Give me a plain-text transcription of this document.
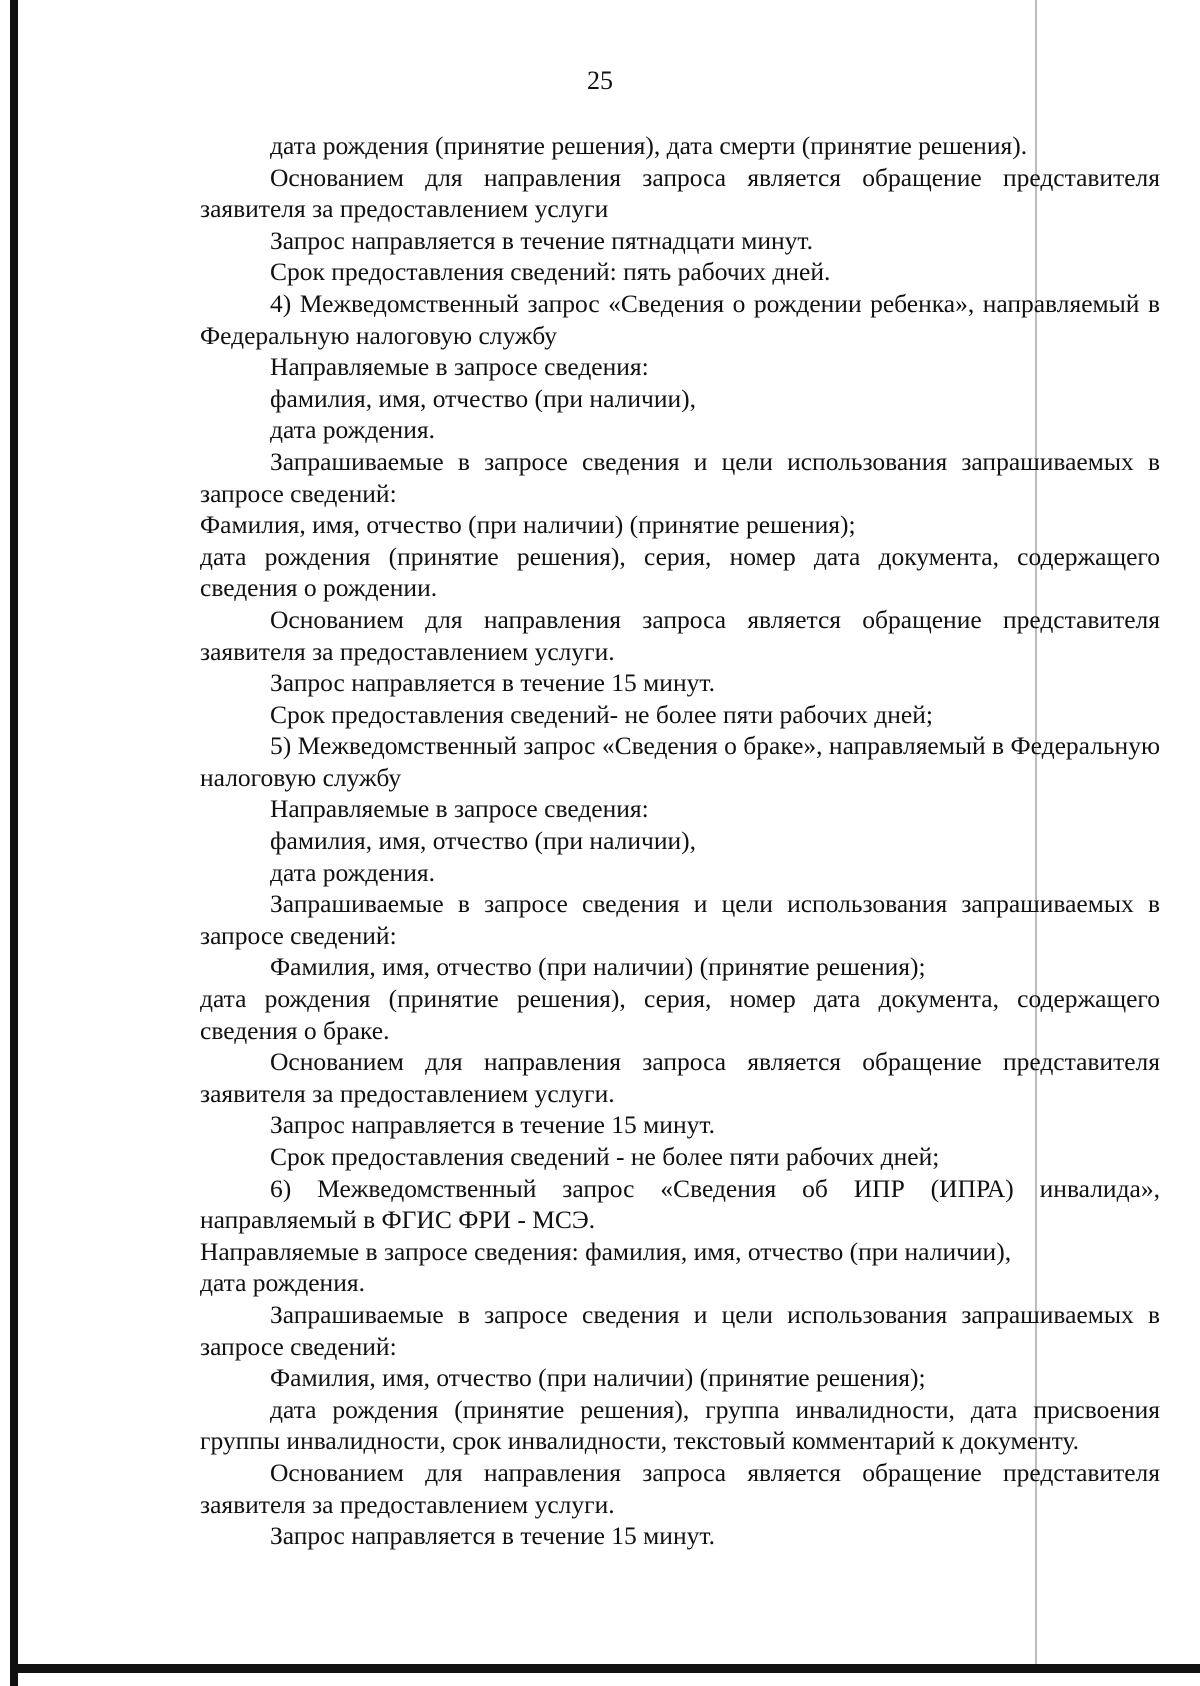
25

дата рождения (принятие решения), дата смерти (принятие решения).

Основанием для направления запроса является обращение представителя заявителя за предоставлением услуги

Запрос направляется в течение пятнадцати минут.

Срок предоставления сведений: пять рабочих дней.

4) Межведомственный запрос «Сведения о рождении ребенка», направляемый в Федеральную налоговую службу

Направляемые в запросе сведения:

фамилия, имя, отчество (при наличии),

дата рождения.

Запрашиваемые в запросе сведения и цели использования запрашиваемых в запросе сведений:

Фамилия, имя, отчество (при наличии) (принятие решения);

дата рождения (принятие решения), серия, номер дата документа, содержащего сведения о рождении.

Основанием для направления запроса является обращение представителя заявителя за предоставлением услуги.

Запрос направляется в течение 15 минут.

Срок предоставления сведений- не более пяти рабочих дней;

5) Межведомственный запрос «Сведения о браке», направляемый в Федеральную налоговую службу

Направляемые в запросе сведения:

фамилия, имя, отчество (при наличии),

дата рождения.

Запрашиваемые в запросе сведения и цели использования запрашиваемых в запросе сведений:

Фамилия, имя, отчество (при наличии) (принятие решения);

дата рождения (принятие решения), серия, номер дата документа, содержащего сведения о браке.

Основанием для направления запроса является обращение представителя заявителя за предоставлением услуги.

Запрос направляется в течение 15 минут.

Срок предоставления сведений - не более пяти рабочих дней;

6) Межведомственный запрос «Сведения об ИПР (ИПРА) инвалида», направляемый в ФГИС ФРИ - МСЭ.

Направляемые в запросе сведения: фамилия, имя, отчество (при наличии),

дата рождения.

Запрашиваемые в запросе сведения и цели использования запрашиваемых в запросе сведений:

Фамилия, имя, отчество (при наличии) (принятие решения);

дата рождения (принятие решения), группа инвалидности, дата присвоения группы инвалидности, срок инвалидности, текстовый комментарий к документу.

Основанием для направления запроса является обращение представителя заявителя за предоставлением услуги.

Запрос направляется в течение 15 минут.
